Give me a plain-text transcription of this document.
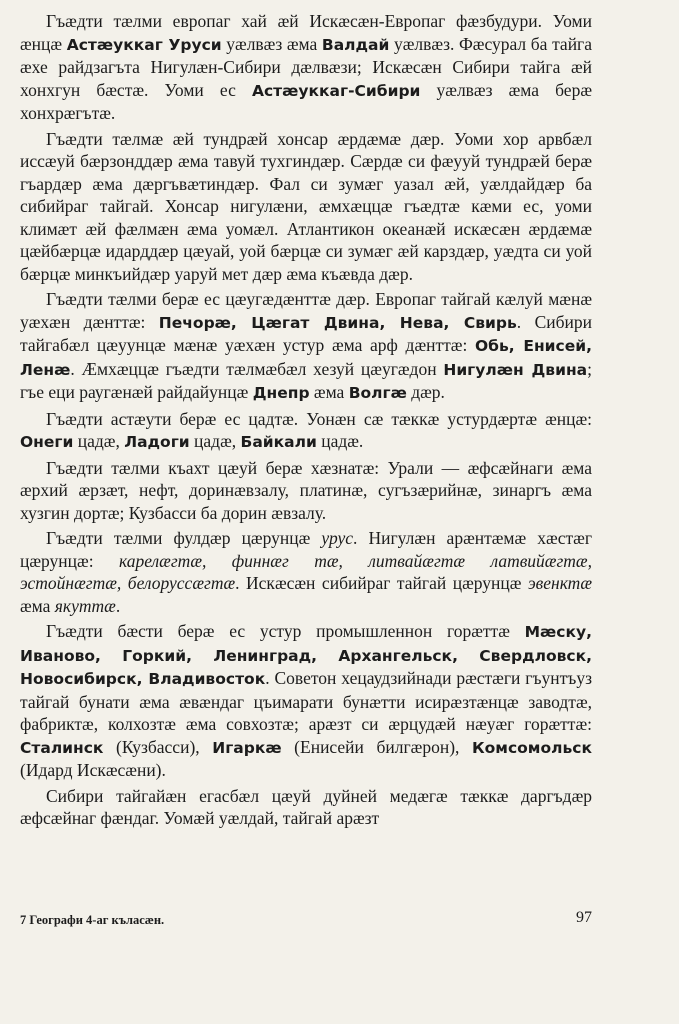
Гъæдти тæлми европаг хай æй Искæсæн-Европаг фæзбудури. Уоми æнцæ Астæуккаг Уруси уæлвæз æма Валдай уæлвæз. Фæсурал ба тайга æхе райдзагъта Нигулæн-Сибири дæлвæзи; Искæсæн Сибири тайга æй хонхгун бæстæ. Уоми ес Астæуккаг-Сибири уæлвæз æма берæ хонхрæгътæ.

Гъæдти тæлмæ æй тундрæй хонсар æрдæмæ дæр. Уоми хор арвбæл иссæуй бæрзонддæр æма тавуй тухгиндæр. Сæрдæ си фæууй тундрæй берæ гъардæр æма дæргъвæтиндæр. Фал си зумæг уазал æй, уæлдайдæр ба сибийраг тайгай. Хонсар нигулæни, æмхæццæ гъæдтæ кæми ес, уоми климæт æй фæлмæн æма уомæл. Атлантикон океанæй искæсæн æрдæмæ цæйбæрцæ идарддæр цæуай, уой бæрцæ си зумæг æй карздæр, уæдта си уой бæрцæ минкъийдæр уаруй мет дæр æма къæвда дæр.

Гъæдти тæлми берæ ес цæугæдæнттæ дæр. Европаг тайгай кæлуй мæнæ уæхæн дæнттæ: Печорæ, Цæгат Двина, Нева, Свирь. Сибири тайгабæл цæуунцæ мæнæ уæхæн устур æма арф дæнттæ: Обь, Енисей, Ленæ. Æмхæццæ гъæдти тæлмæбæл хезуй цæугæдон Нигулæн Двина; гъе еци раугæнæй райдайунцæ Днепр æма Волгæ дæр.

Гъæдти астæути берæ ес цадтæ. Уонæн сæ тæккæ устурдæртæ æнцæ: Онеги цадæ, Ладоги цадæ, Байкали цадæ.

Гъæдти тæлми къахт цæуй берæ хæзнатæ: Урали — æфсæйнаги æма æрхий æрзæт, нефт, доринæвзалу, платинæ, сугъзæрийнæ, зинаргъ æма хузгин дортæ; Кузбасси ба дорин æвзалу.

Гъæдти тæлми фулдæр цæрунцæ урус. Нигулæн арæнтæмæ хæстæг цæрунцæ: карелæгтæ, финнæг тæ, литвайæгтæ латвийæгтæ, эстойнæгтæ, белоруссæгтæ. Искæсæн сибийраг тайгай цæрунцæ эвенктæ æма якуттæ.

Гъæдти бæсти берæ ес устур промышленнон горæттæ Мæску, Иваново, Горкий, Ленинград, Архангельск, Свердловск, Новосибирск, Владивосток. Советон хецаудзийнади рæстæги гъунтъуз тайгай бунати æма æвæндаг цъимарати бунæтти исирæзтæнцæ заводтæ, фабриктæ, колхозтæ æма совхозтæ; арæзт си æрцудæй нæуæг горæттæ: Сталинск (Кузбасси), Игаркæ (Енисейи билгæрон), Комсомольск (Идард Искæсæни).

Сибири тайгайæн егасбæл цæуй дуйней медæгæ тæккæ даргъдæр æфсæйнаг фæндаг. Уомæй уæлдай, тайгай арæзт

7 Географи 4-аг къласæн.	97
